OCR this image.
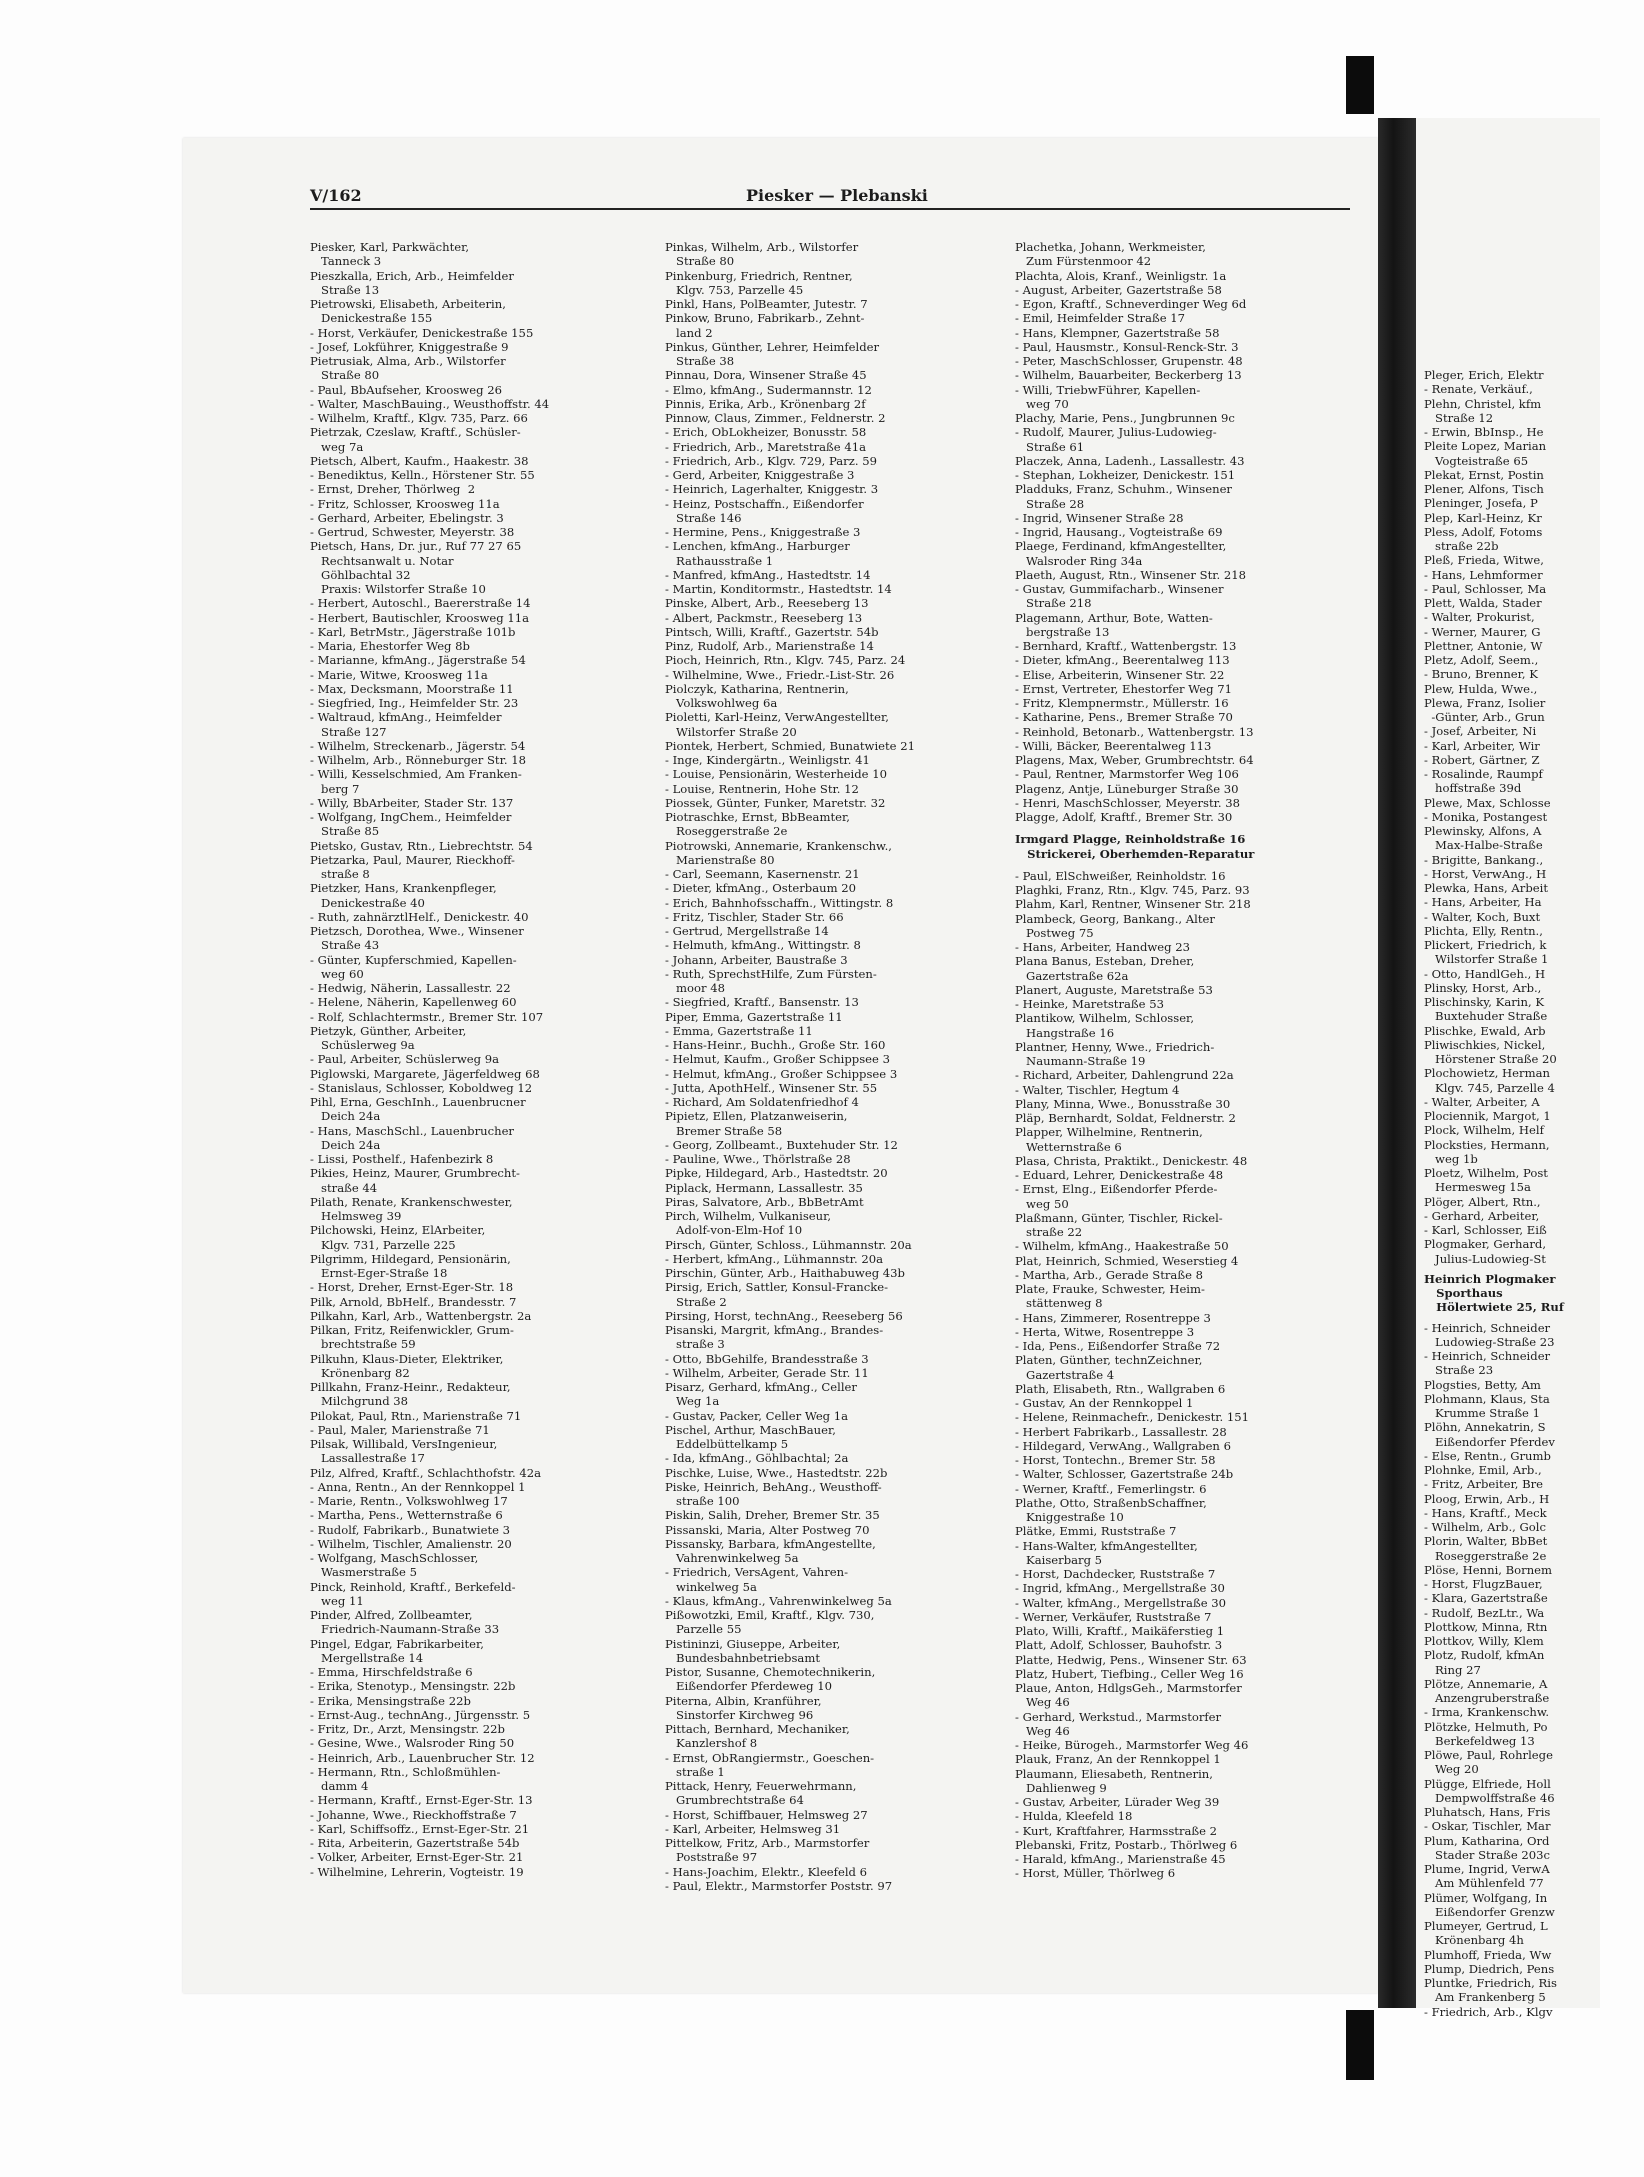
Pleger, Erich, Elektr
- Renate, Verkäuf.,
Plehn, Christel, kfm
Straße 12
- Erwin, BbInsp., He
Pleite Lopez, Marian
Vogteistraße 65
Plekat, Ernst, Postin
Plener, Alfons, Tisch
Pleninger, Josefa, P
Plep, Karl-Heinz, Kr
Pless, Adolf, Fotoms
straße 22b
Pleß, Frieda, Witwe,
- Hans, Lehmformer
- Paul, Schlosser, Ma
Plett, Walda, Stader
- Walter, Prokurist,
- Werner, Maurer, G
Plettner, Antonie, W
Pletz, Adolf, Seem.,
- Bruno, Brenner, K
Plew, Hulda, Wwe.,
Plewa, Franz, Isolier
-Günter, Arb., Grun
- Josef, Arbeiter, Ni
- Karl, Arbeiter, Wir
- Robert, Gärtner, Z
- Rosalinde, Raumpf
hoffstraße 39d
Plewe, Max, Schlosse
- Monika, Postangest
Plewinsky, Alfons, A
Max-Halbe-Straße
- Brigitte, Bankang.,
- Horst, VerwAng., H
Plewka, Hans, Arbeit
- Hans, Arbeiter, Ha
- Walter, Koch, Buxt
Plichta, Elly, Rentn.,
Plickert, Friedrich, k
Wilstorfer Straße 1
- Otto, HandlGeh., H
Plinsky, Horst, Arb.,
Plischinsky, Karin, K
Buxtehuder Straße
Plischke, Ewald, Arb
Pliwischkies, Nickel,
Hörstener Straße 20
Plochowietz, Herman
Klgv. 745, Parzelle 4
- Walter, Arbeiter, A
Plociennik, Margot, 1
Plock, Wilhelm, Helf
Plocksties, Hermann,
weg 1b
Ploetz, Wilhelm, Post
Hermesweg 15a
Plöger, Albert, Rtn.,
- Gerhard, Arbeiter,
- Karl, Schlosser, Eiß
Plogmaker, Gerhard,
Julius-Ludowieg-St
Heinrich Plogmaker
Sporthaus
Hölertwiete 25, Ruf
- Heinrich, Schneider
Ludowieg-Straße 23
- Heinrich, Schneider
Straße 23
Plogsties, Betty, Am
Plohmann, Klaus, Sta
Krumme Straße 1
Plöhn, Annekatrin, S
Eißendorfer Pferdev
- Else, Rentn., Grumb
Plohnke, Emil, Arb.,
- Fritz, Arbeiter, Bre
Ploog, Erwin, Arb., H
- Hans, Kraftf., Meck
- Wilhelm, Arb., Golc
Plorin, Walter, BbBet
Roseggerstraße 2e
Plöse, Henni, Bornem
- Horst, FlugzBauer,
- Klara, Gazertstraße
- Rudolf, BezLtr., Wa
Plottkow, Minna, Rtn
Plottkov, Willy, Klem
Plotz, Rudolf, kfmAn
Ring 27
Plötze, Annemarie, A
Anzengruberstraße
- Irma, Krankenschw.
Plötzke, Helmuth, Po
Berkefeldweg 13
Plöwe, Paul, Rohrlege
Weg 20
Plügge, Elfriede, Holl
Dempwolffstraße 46
Pluhatsch, Hans, Fris
- Oskar, Tischler, Mar
Plum, Katharina, Ord
Stader Straße 203c
Plume, Ingrid, VerwA
Am Mühlenfeld 77
Plümer, Wolfgang, In
Eißendorfer Grenzw
Plumeyer, Gertrud, L
Krönenbarg 4h
Plumhoff, Frieda, Ww
Plump, Diedrich, Pens
Pluntke, Friedrich, Ris
Am Frankenberg 5
- Friedrich, Arb., Klgv
V/162	Piesker — Plebanski
Piesker, Karl, Parkwächter,
Tanneck 3
Pieszkalla, Erich, Arb., Heimfelder
Straße 13
Pietrowski, Elisabeth, Arbeiterin,
Denickestraße 155
- Horst, Verkäufer, Denickestraße 155
- Josef, Lokführer, Kniggestraße 9
Pietrusiak, Alma, Arb., Wilstorfer
Straße 80
- Paul, BbAufseher, Kroosweg 26
- Walter, MaschBauing., Weusthoffstr. 44
- Wilhelm, Kraftf., Klgv. 735, Parz. 66
Pietrzak, Czeslaw, Kraftf., Schüsler-
weg 7a
Pietsch, Albert, Kaufm., Haakestr. 38
- Benediktus, Kelln., Hörstener Str. 55
- Ernst, Dreher, Thörlweg  2
- Fritz, Schlosser, Kroosweg 11a
- Gerhard, Arbeiter, Ebelingstr. 3
- Gertrud, Schwester, Meyerstr. 38
Pietsch, Hans, Dr. jur., Ruf 77 27 65
Rechtsanwalt u. Notar
Göhlbachtal 32
Praxis: Wilstorfer Straße 10
- Herbert, Autoschl., Baererstraße 14
- Herbert, Bautischler, Kroosweg 11a
- Karl, BetrMstr., Jägerstraße 101b
- Maria, Ehestorfer Weg 8b
- Marianne, kfmAng., Jägerstraße 54
- Marie, Witwe, Kroosweg 11a
- Max, Decksmann, Moorstraße 11
- Siegfried, Ing., Heimfelder Str. 23
- Waltraud, kfmAng., Heimfelder
Straße 127
- Wilhelm, Streckenarb., Jägerstr. 54
- Wilhelm, Arb., Rönneburger Str. 18
- Willi, Kesselschmied, Am Franken-
berg 7
- Willy, BbArbeiter, Stader Str. 137
- Wolfgang, IngChem., Heimfelder
Straße 85
Pietsko, Gustav, Rtn., Liebrechtstr. 54
Pietzarka, Paul, Maurer, Rieckhoff-
straße 8
Pietzker, Hans, Krankenpfleger,
Denickestraße 40
- Ruth, zahnärztlHelf., Denickestr. 40
Pietzsch, Dorothea, Wwe., Winsener
Straße 43
- Günter, Kupferschmied, Kapellen-
weg 60
- Hedwig, Näherin, Lassallestr. 22
- Helene, Näherin, Kapellenweg 60
- Rolf, Schlachtermstr., Bremer Str. 107
Pietzyk, Günther, Arbeiter,
Schüslerweg 9a
- Paul, Arbeiter, Schüslerweg 9a
Piglowski, Margarete, Jägerfeldweg 68
- Stanislaus, Schlosser, Koboldweg 12
Pihl, Erna, GeschInh., Lauenbrucner
Deich 24a
- Hans, MaschSchl., Lauenbrucher
Deich 24a
- Lissi, Posthelf., Hafenbezirk 8
Pikies, Heinz, Maurer, Grumbrecht-
straße 44
Pilath, Renate, Krankenschwester,
Helmsweg 39
Pilchowski, Heinz, ElArbeiter,
Klgv. 731, Parzelle 225
Pilgrimm, Hildegard, Pensionärin,
Ernst-Eger-Straße 18
- Horst, Dreher, Ernst-Eger-Str. 18
Pilk, Arnold, BbHelf., Brandesstr. 7
Pilkahn, Karl, Arb., Wattenbergstr. 2a
Pilkan, Fritz, Reifenwickler, Grum-
brechtstraße 59
Pilkuhn, Klaus-Dieter, Elektriker,
Krönenbarg 82
Pillkahn, Franz-Heinr., Redakteur,
Milchgrund 38
Pilokat, Paul, Rtn., Marienstraße 71
- Paul, Maler, Marienstraße 71
Pilsak, Willibald, VersIngenieur,
Lassallestraße 17
Pilz, Alfred, Kraftf., Schlachthofstr. 42a
- Anna, Rentn., An der Rennkoppel 1
- Marie, Rentn., Volkswohlweg 17
- Martha, Pens., Wetternstraße 6
- Rudolf, Fabrikarb., Bunatwiete 3
- Wilhelm, Tischler, Amalienstr. 20
- Wolfgang, MaschSchlosser,
Wasmerstraße 5
Pinck, Reinhold, Kraftf., Berkefeld-
weg 11
Pinder, Alfred, Zollbeamter,
Friedrich-Naumann-Straße 33
Pingel, Edgar, Fabrikarbeiter,
Mergellstraße 14
- Emma, Hirschfeldstraße 6
- Erika, Stenotyp., Mensingstr. 22b
- Erika, Mensingstraße 22b
- Ernst-Aug., technAng., Jürgensstr. 5
- Fritz, Dr., Arzt, Mensingstr. 22b
- Gesine, Wwe., Walsroder Ring 50
- Heinrich, Arb., Lauenbrucher Str. 12
- Hermann, Rtn., Schloßmühlen-
damm 4
- Hermann, Kraftf., Ernst-Eger-Str. 13
- Johanne, Wwe., Rieckhoffstraße 7
- Karl, Schiffsoffz., Ernst-Eger-Str. 21
- Rita, Arbeiterin, Gazertstraße 54b
- Volker, Arbeiter, Ernst-Eger-Str. 21
- Wilhelmine, Lehrerin, Vogteistr. 19
Pinkas, Wilhelm, Arb., Wilstorfer
Straße 80
Pinkenburg, Friedrich, Rentner,
Klgv. 753, Parzelle 45
Pinkl, Hans, PolBeamter, Jutestr. 7
Pinkow, Bruno, Fabrikarb., Zehnt-
land 2
Pinkus, Günther, Lehrer, Heimfelder
Straße 38
Pinnau, Dora, Winsener Straße 45
- Elmo, kfmAng., Sudermannstr. 12
Pinnis, Erika, Arb., Krönenbarg 2f
Pinnow, Claus, Zimmer., Feldnerstr. 2
- Erich, ObLokheizer, Bonusstr. 58
- Friedrich, Arb., Maretstraße 41a
- Friedrich, Arb., Klgv. 729, Parz. 59
- Gerd, Arbeiter, Kniggestraße 3
- Heinrich, Lagerhalter, Kniggestr. 3
- Heinz, Postschaffn., Eißendorfer
Straße 146
- Hermine, Pens., Kniggestraße 3
- Lenchen, kfmAng., Harburger
Rathausstraße 1
- Manfred, kfmAng., Hastedtstr. 14
- Martin, Konditormstr., Hastedtstr. 14
Pinske, Albert, Arb., Reeseberg 13
- Albert, Packmstr., Reeseberg 13
Pintsch, Willi, Kraftf., Gazertstr. 54b
Pinz, Rudolf, Arb., Marienstraße 14
Pioch, Heinrich, Rtn., Klgv. 745, Parz. 24
- Wilhelmine, Wwe., Friedr.-List-Str. 26
Piolczyk, Katharina, Rentnerin,
Volkswohlweg 6a
Pioletti, Karl-Heinz, VerwAngestellter,
Wilstorfer Straße 20
Piontek, Herbert, Schmied, Bunatwiete 21
- Inge, Kindergärtn., Weinligstr. 41
- Louise, Pensionärin, Westerheide 10
- Louise, Rentnerin, Hohe Str. 12
Piossek, Günter, Funker, Maretstr. 32
Piotraschke, Ernst, BbBeamter,
Roseggerstraße 2e
Piotrowski, Annemarie, Krankenschw.,
Marienstraße 80
- Carl, Seemann, Kasernenstr. 21
- Dieter, kfmAng., Osterbaum 20
- Erich, Bahnhofsschaffn., Wittingstr. 8
- Fritz, Tischler, Stader Str. 66
- Gertrud, Mergellstraße 14
- Helmuth, kfmAng., Wittingstr. 8
- Johann, Arbeiter, Baustraße 3
- Ruth, SprechstHilfe, Zum Fürsten-
moor 48
- Siegfried, Kraftf., Bansenstr. 13
Piper, Emma, Gazertstraße 11
- Emma, Gazertstraße 11
- Hans-Heinr., Buchh., Große Str. 160
- Helmut, Kaufm., Großer Schippsee 3
- Helmut, kfmAng., Großer Schippsee 3
- Jutta, ApothHelf., Winsener Str. 55
- Richard, Am Soldatenfriedhof 4
Pipietz, Ellen, Platzanweiserin,
Bremer Straße 58
- Georg, Zollbeamt., Buxtehuder Str. 12
- Pauline, Wwe., Thörlstraße 28
Pipke, Hildegard, Arb., Hastedtstr. 20
Piplack, Hermann, Lassallestr. 35
Piras, Salvatore, Arb., BbBetrAmt
Pirch, Wilhelm, Vulkaniseur,
Adolf-von-Elm-Hof 10
Pirsch, Günter, Schloss., Lühmannstr. 20a
- Herbert, kfmAng., Lühmannstr. 20a
Pirschin, Günter, Arb., Haithabuweg 43b
Pirsig, Erich, Sattler, Konsul-Francke-
Straße 2
Pirsing, Horst, technAng., Reeseberg 56
Pisanski, Margrit, kfmAng., Brandes-
straße 3
- Otto, BbGehilfe, Brandesstraße 3
- Wilhelm, Arbeiter, Gerade Str. 11
Pisarz, Gerhard, kfmAng., Celler
Weg 1a
- Gustav, Packer, Celler Weg 1a
Pischel, Arthur, MaschBauer,
Eddelbüttelkamp 5
- Ida, kfmAng., Göhlbachtal; 2a
Pischke, Luise, Wwe., Hastedtstr. 22b
Piske, Heinrich, BehAng., Weusthoff-
straße 100
Piskin, Salih, Dreher, Bremer Str. 35
Pissanski, Maria, Alter Postweg 70
Pissansky, Barbara, kfmAngestellte,
Vahrenwinkelweg 5a
- Friedrich, VersAgent, Vahren-
winkelweg 5a
- Klaus, kfmAng., Vahrenwinkelweg 5a
Pißowotzki, Emil, Kraftf., Klgv. 730,
Parzelle 55
Pistininzi, Giuseppe, Arbeiter,
Bundesbahnbetriebsamt
Pistor, Susanne, Chemotechnikerin,
Eißendorfer Pferdeweg 10
Piterna, Albin, Kranführer,
Sinstorfer Kirchweg 96
Pittach, Bernhard, Mechaniker,
Kanzlershof 8
- Ernst, ObRangiermstr., Goeschen-
straße 1
Pittack, Henry, Feuerwehrmann,
Grumbrechtstraße 64
- Horst, Schiffbauer, Helmsweg 27
- Karl, Arbeiter, Helmsweg 31
Pittelkow, Fritz, Arb., Marmstorfer
Poststraße 97
- Hans-Joachim, Elektr., Kleefeld 6
- Paul, Elektr., Marmstorfer Poststr. 97
Plachetka, Johann, Werkmeister,
Zum Fürstenmoor 42
Plachta, Alois, Kranf., Weinligstr. 1a
- August, Arbeiter, Gazertstraße 58
- Egon, Kraftf., Schneverdinger Weg 6d
- Emil, Heimfelder Straße 17
- Hans, Klempner, Gazertstraße 58
- Paul, Hausmstr., Konsul-Renck-Str. 3
- Peter, MaschSchlosser, Grupenstr. 48
- Wilhelm, Bauarbeiter, Beckerberg 13
- Willi, TriebwFührer, Kapellen-
weg 70
Plachy, Marie, Pens., Jungbrunnen 9c
- Rudolf, Maurer, Julius-Ludowieg-
Straße 61
Placzek, Anna, Ladenh., Lassallestr. 43
- Stephan, Lokheizer, Denickestr. 151
Pladduks, Franz, Schuhm., Winsener
Straße 28
- Ingrid, Winsener Straße 28
- Ingrid, Hausang., Vogteistraße 69
Plaege, Ferdinand, kfmAngestellter,
Walsroder Ring 34a
Plaeth, August, Rtn., Winsener Str. 218
- Gustav, Gummifacharb., Winsener
Straße 218
Plagemann, Arthur, Bote, Watten-
bergstraße 13
- Bernhard, Kraftf., Wattenbergstr. 13
- Dieter, kfmAng., Beerentalweg 113
- Elise, Arbeiterin, Winsener Str. 22
- Ernst, Vertreter, Ehestorfer Weg 71
- Fritz, Klempnermstr., Müllerstr. 16
- Katharine, Pens., Bremer Straße 70
- Reinhold, Betonarb., Wattenbergstr. 13
- Willi, Bäcker, Beerentalweg 113
Plagens, Max, Weber, Grumbrechtstr. 64
- Paul, Rentner, Marmstorfer Weg 106
Plagenz, Antje, Lüneburger Straße 30
- Henri, MaschSchlosser, Meyerstr. 38
Plagge, Adolf, Kraftf., Bremer Str. 30
Irmgard Plagge, Reinholdstraße 16
Strickerei, Oberhemden-Reparatur
- Paul, ElSchweißer, Reinholdstr. 16
Plaghki, Franz, Rtn., Klgv. 745, Parz. 93
Plahm, Karl, Rentner, Winsener Str. 218
Plambeck, Georg, Bankang., Alter
Postweg 75
- Hans, Arbeiter, Handweg 23
Plana Banus, Esteban, Dreher,
Gazertstraße 62a
Planert, Auguste, Maretstraße 53
- Heinke, Maretstraße 53
Plantikow, Wilhelm, Schlosser,
Hangstraße 16
Plantner, Henny, Wwe., Friedrich-
Naumann-Straße 19
- Richard, Arbeiter, Dahlengrund 22a
- Walter, Tischler, Hegtum 4
Plany, Minna, Wwe., Bonusstraße 30
Pläp, Bernhardt, Soldat, Feldnerstr. 2
Plapper, Wilhelmine, Rentnerin,
Wetternstraße 6
Plasa, Christa, Praktikt., Denickestr. 48
- Eduard, Lehrer, Denickestraße 48
- Ernst, Elng., Eißendorfer Pferde-
weg 50
Plaßmann, Günter, Tischler, Rickel-
straße 22
- Wilhelm, kfmAng., Haakestraße 50
Plat, Heinrich, Schmied, Weserstieg 4
- Martha, Arb., Gerade Straße 8
Plate, Frauke, Schwester, Heim-
stättenweg 8
- Hans, Zimmerer, Rosentreppe 3
- Herta, Witwe, Rosentreppe 3
- Ida, Pens., Eißendorfer Straße 72
Platen, Günther, technZeichner,
Gazertstraße 4
Plath, Elisabeth, Rtn., Wallgraben 6
- Gustav, An der Rennkoppel 1
- Helene, Reinmachefr., Denickestr. 151
- Herbert Fabrikarb., Lassallestr. 28
- Hildegard, VerwAng., Wallgraben 6
- Horst, Tontechn., Bremer Str. 58
- Walter, Schlosser, Gazertstraße 24b
- Werner, Kraftf., Femerlingstr. 6
Plathe, Otto, StraßenbSchaffner,
Kniggestraße 10
Plätke, Emmi, Ruststraße 7
- Hans-Walter, kfmAngestellter,
Kaiserbarg 5
- Horst, Dachdecker, Ruststraße 7
- Ingrid, kfmAng., Mergellstraße 30
- Walter, kfmAng., Mergellstraße 30
- Werner, Verkäufer, Ruststraße 7
Plato, Willi, Kraftf., Maikäferstieg 1
Platt, Adolf, Schlosser, Bauhofstr. 3
Platte, Hedwig, Pens., Winsener Str. 63
Platz, Hubert, Tiefbing., Celler Weg 16
Plaue, Anton, HdlgsGeh., Marmstorfer
Weg 46
- Gerhard, Werkstud., Marmstorfer
Weg 46
- Heike, Bürogeh., Marmstorfer Weg 46
Plauk, Franz, An der Rennkoppel 1
Plaumann, Eliesabeth, Rentnerin,
Dahlienweg 9
- Gustav, Arbeiter, Lürader Weg 39
- Hulda, Kleefeld 18
- Kurt, Kraftfahrer, Harmsstraße 2
Plebanski, Fritz, Postarb., Thörlweg 6
- Harald, kfmAng., Marienstraße 45
- Horst, Müller, Thörlweg 6
